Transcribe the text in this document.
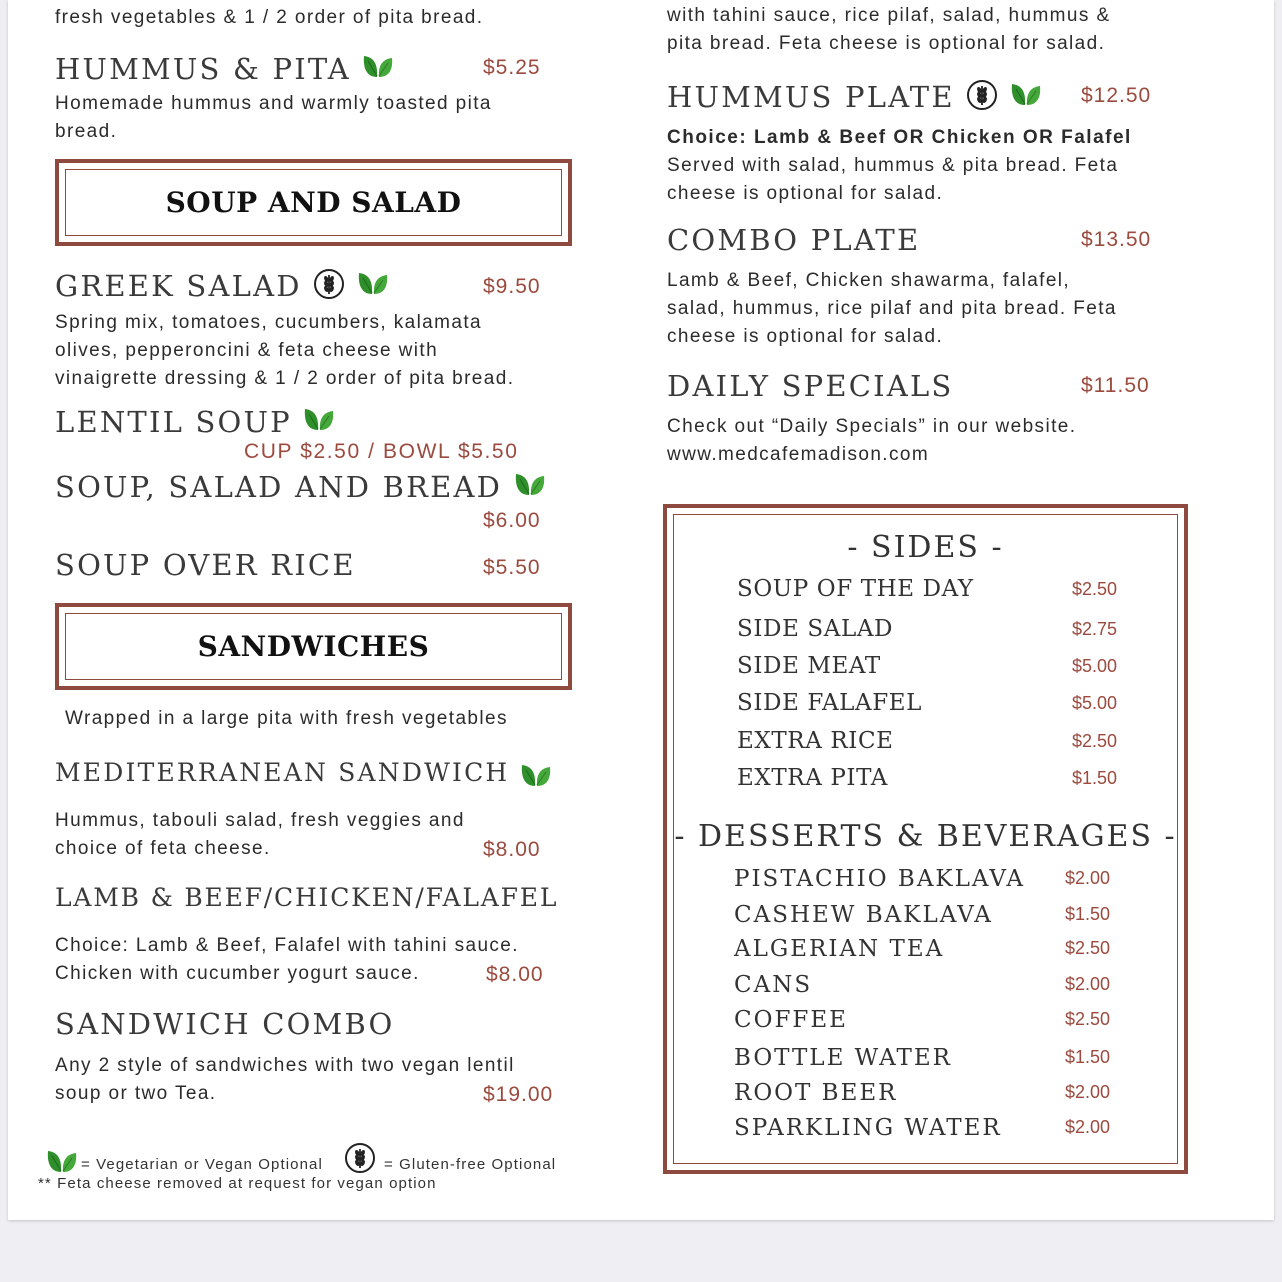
fresh vegetables & 1 / 2 order of pita bread.
HUMMUS & PITA	$5.25
Homemade hummus and warmly toasted pita
bread.
SOUP AND SALAD
GREEK SALAD	$9.50
Spring mix, tomatoes, cucumbers, kalamata
olives, pepperoncini & feta cheese with
vinaigrette dressing & 1 / 2 order of pita bread.
LENTIL SOUP
CUP $2.50 / BOWL $5.50
SOUP, SALAD AND BREAD
$6.00
SOUP OVER RICE	$5.50
SANDWICHES
Wrapped in a large pita with fresh vegetables
MEDITERRANEAN SANDWICH
Hummus, tabouli salad, fresh veggies and
choice of feta cheese.	$8.00
LAMB & BEEF/CHICKEN/FALAFEL
Choice: Lamb & Beef, Falafel with tahini sauce.
Chicken with cucumber yogurt sauce.	$8.00
SANDWICH COMBO
Any 2 style of sandwiches with two vegan lentil
soup or two Tea.	$19.00
= Vegetarian or Vegan Optional	= Gluten-free Optional
** Feta cheese removed at request for vegan option
with tahini sauce, rice pilaf, salad, hummus &
pita bread. Feta cheese is optional for salad.
HUMMUS PLATE	$12.50
Choice: Lamb & Beef OR Chicken OR Falafel
Served with salad, hummus & pita bread. Feta
cheese is optional for salad.
COMBO PLATE	$13.50
Lamb & Beef, Chicken shawarma, falafel,
salad, hummus, rice pilaf and pita bread. Feta
cheese is optional for salad.
DAILY SPECIALS	$11.50
Check out “Daily Specials” in our website.
www.medcafemadison.com
- SIDES -
- DESSERTS & BEVERAGES -
SOUP OF THE DAY	$2.50
SIDE SALAD	$2.75
SIDE MEAT	$5.00
SIDE FALAFEL	$5.00
EXTRA RICE	$2.50
EXTRA PITA	$1.50
PISTACHIO BAKLAVA $2.00
CASHEW BAKLAVA	$1.50
ALGERIAN TEA	$2.50
CANS	$2.00
COFFEE	$2.50
BOTTLE WATER	$1.50
ROOT BEER	$2.00
SPARKLING WATER	$2.00
